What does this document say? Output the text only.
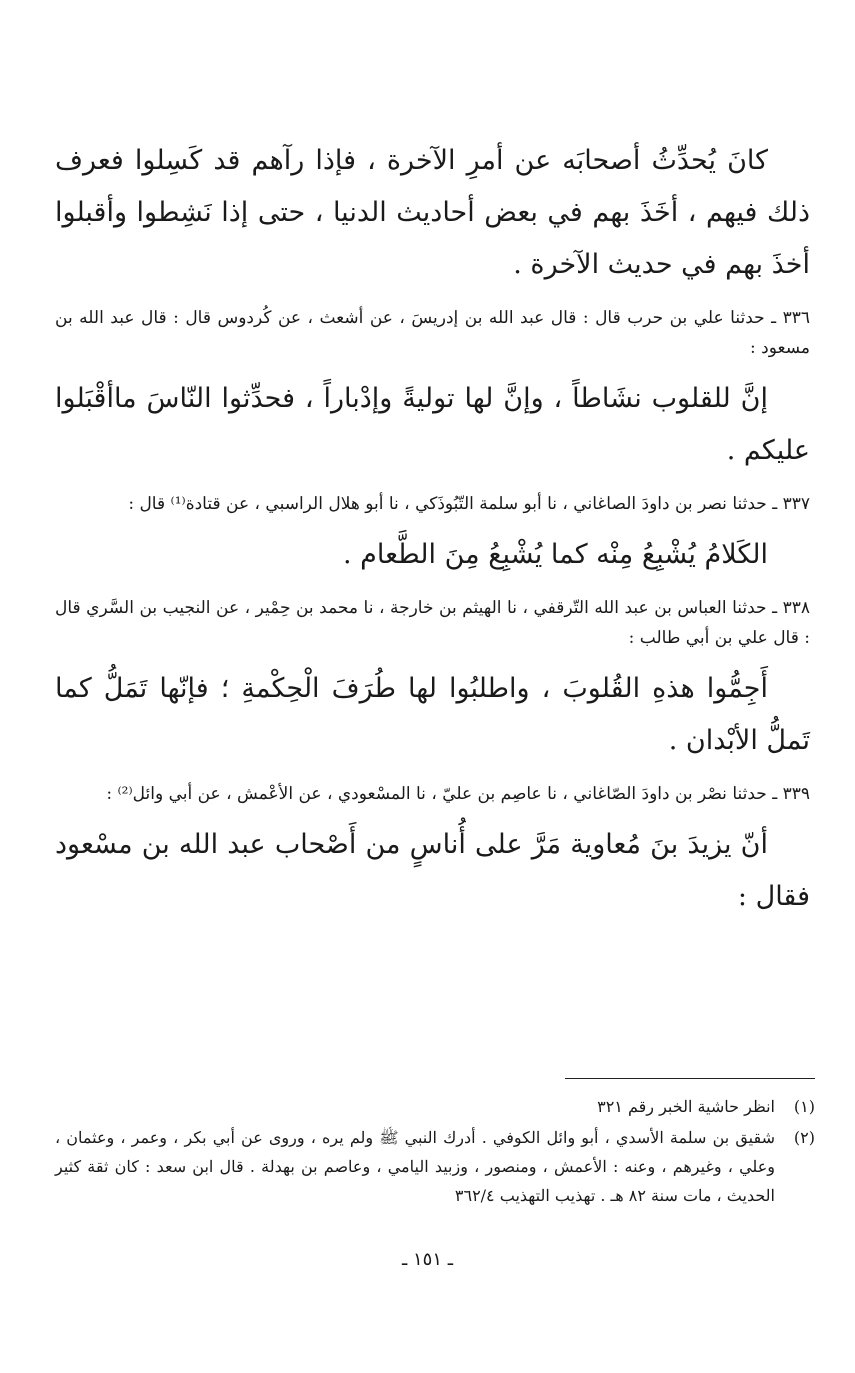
كانَ يُحدِّثُ أصحابَه عن أمرِ الآخرة ، فإذا رآهم قد كَسِلوا فعرف ذلك فيهم ، أخَذَ بهم في بعض أحاديث الدنيا ، حتى إذا نَشِطوا وأقبلوا أخذَ بهم في حديث الآخرة .

٣٣٦ ـ حدثنا علي بن حرب قال : قال عبد الله بن إدريسَ ، عن أشعث ، عن كُردوس قال : قال عبد الله بن مسعود :

إنَّ للقلوب نشَاطاً ، وإنَّ لها توليةً وإدْباراً ، فحدِّثوا النّاسَ ماأقْبَلوا عليكم .

٣٣٧ ـ حدثنا نصر بن داودَ الصاغاني ، نا أبو سلمة التّبُوذَكي ، نا أبو هلال الراسبي ، عن قتادة⁽¹⁾ قال :

الكَلامُ يُشْبِعُ مِنْه كما يُشْبِعُ مِنَ الطَّعام .

٣٣٨ ـ حدثنا العباس بن عبد الله التّرقفي ، نا الهيثم بن خارجة ، نا محمد بن حِمْير ، عن النجيب بن السَّري قال : قال علي بن أبي طالب :

أَجِمُّوا هذهِ القُلوبَ ، واطلبُوا لها طُرَفَ الْحِكْمةِ ؛ فإنّها تَمَلُّ كما تَملُّ الأبْدان .

٣٣٩ ـ حدثنا نصْر بن داودَ الصّاغاني ، نا عاصِم بن عليّ ، نا المسْعودي ، عن الأعْمش ، عن أبي وائل⁽²⁾ :

أنّ يزيدَ بنَ مُعاوية مَرَّ على أُناسٍ من أَصْحاب عبد الله بن مسْعود فقال :

(١)
انظر حاشية الخبر رقم ٣٢١
(٢)
شقيق بن سلمة الأسدي ، أبو وائل الكوفي . أدرك النبي ﷺ ولم يره ، وروى عن أبي بكر ، وعمر ، وعثمان ، وعلي ، وغيرهم ، وعنه : الأعمش ، ومنصور ، وزبيد اليامي ، وعاصم بن بهدلة . قال ابن سعد : كان ثقة كثير الحديث ، مات سنة ٨٢ هـ . تهذيب التهذيب ٣٦٢/٤
ـ ١٥١ ـ
